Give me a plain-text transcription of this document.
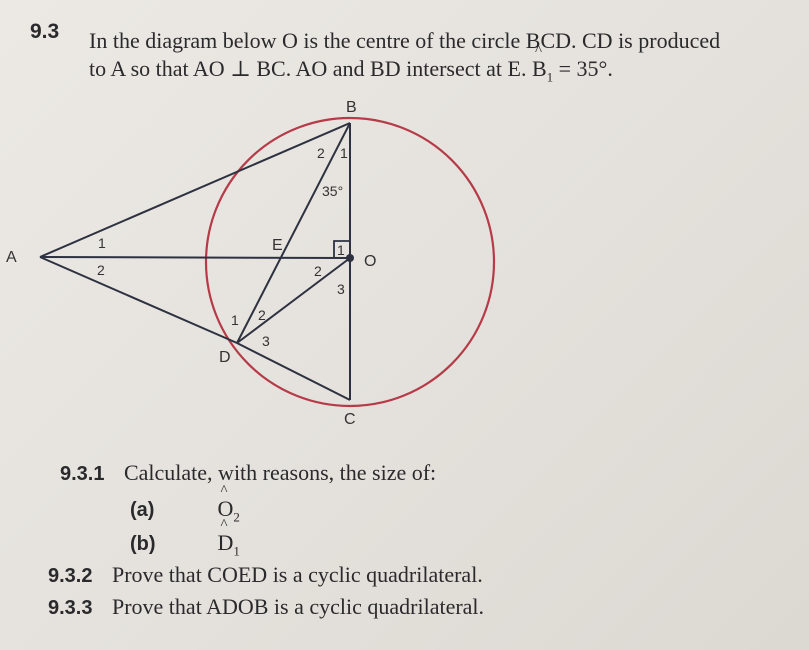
9.3 In the diagram below O is the centre of the circle BCD. CD is produced
to A so that AO ⊥ BC. AO and BD intersect at E. ^ $B_1 = 35^\circ$.
B
A	O
E
D
C
2 1
35°
1
2
1
2
3
1 2
3
9.3.1 Calculate, with reasons, the size of:
(a)	^ $O_2$
(b)	^ $D_1$
9.3.2 Prove that COED is a cyclic quadrilateral.
9.3.3 Prove that ADOB is a cyclic quadrilateral.
